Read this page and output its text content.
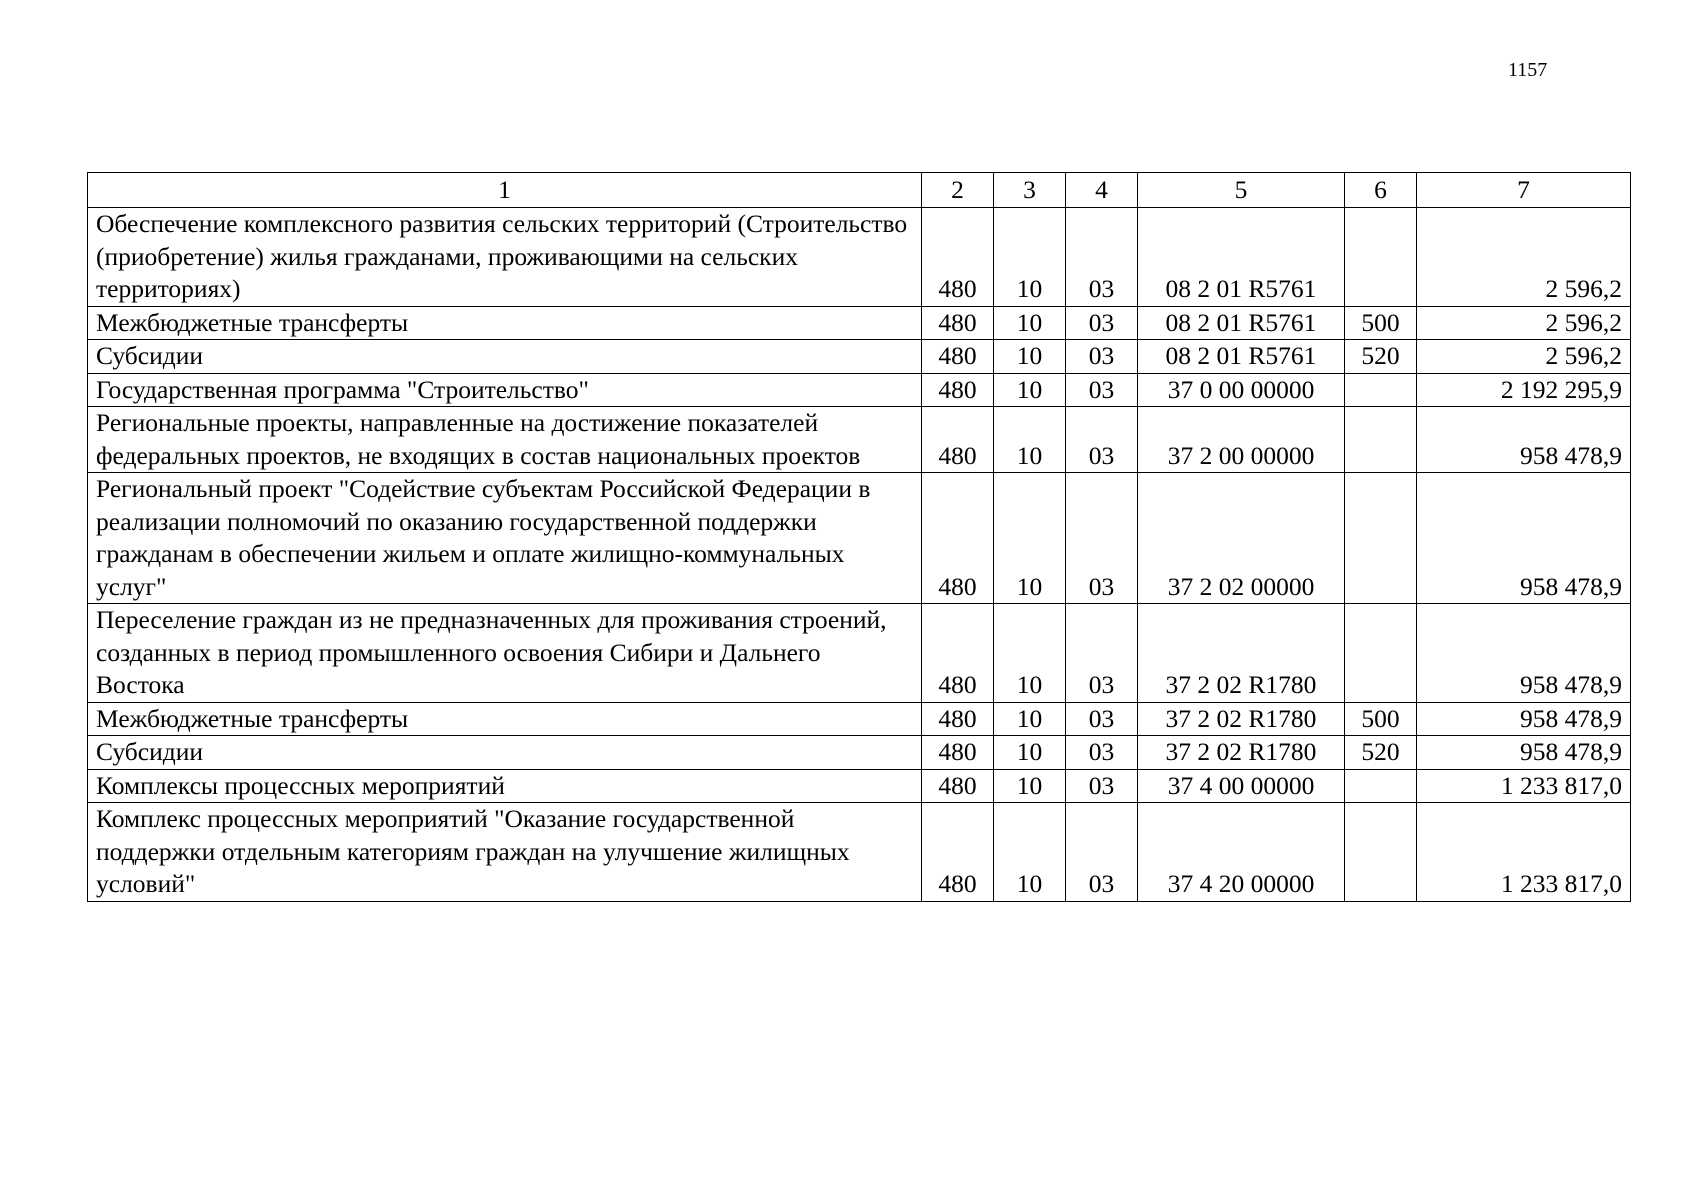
1157
1	2	3	4	5	6	7
Обеспечение комплексного развития сельских территорий (Строительство (приобретение) жилья гражданами, проживающими на сельских территориях)	480	10	03	08 2 01 R5761		2 596,2
Межбюджетные трансферты	480	10	03	08 2 01 R5761	500	2 596,2
Субсидии	480	10	03	08 2 01 R5761	520	2 596,2
Государственная программа "Строительство"	480	10	03	37 0 00 00000		2 192 295,9
Региональные проекты, направленные на достижение показателей федеральных проектов, не входящих в состав национальных проектов	480	10	03	37 2 00 00000		958 478,9
Региональный проект "Содействие субъектам Российской Федерации в реализации полномочий по оказанию государственной поддержки гражданам в обеспечении жильем и оплате жилищно-коммунальных услуг"	480	10	03	37 2 02 00000		958 478,9
Переселение граждан из не предназначенных для проживания строений, созданных в период промышленного освоения Сибири и Дальнего Востока	480	10	03	37 2 02 R1780		958 478,9
Межбюджетные трансферты	480	10	03	37 2 02 R1780	500	958 478,9
Субсидии	480	10	03	37 2 02 R1780	520	958 478,9
Комплексы процессных мероприятий	480	10	03	37 4 00 00000		1 233 817,0
Комплекс процессных мероприятий "Оказание государственной поддержки отдельным категориям граждан на улучшение жилищных условий"	480	10	03	37 4 20 00000		1 233 817,0
